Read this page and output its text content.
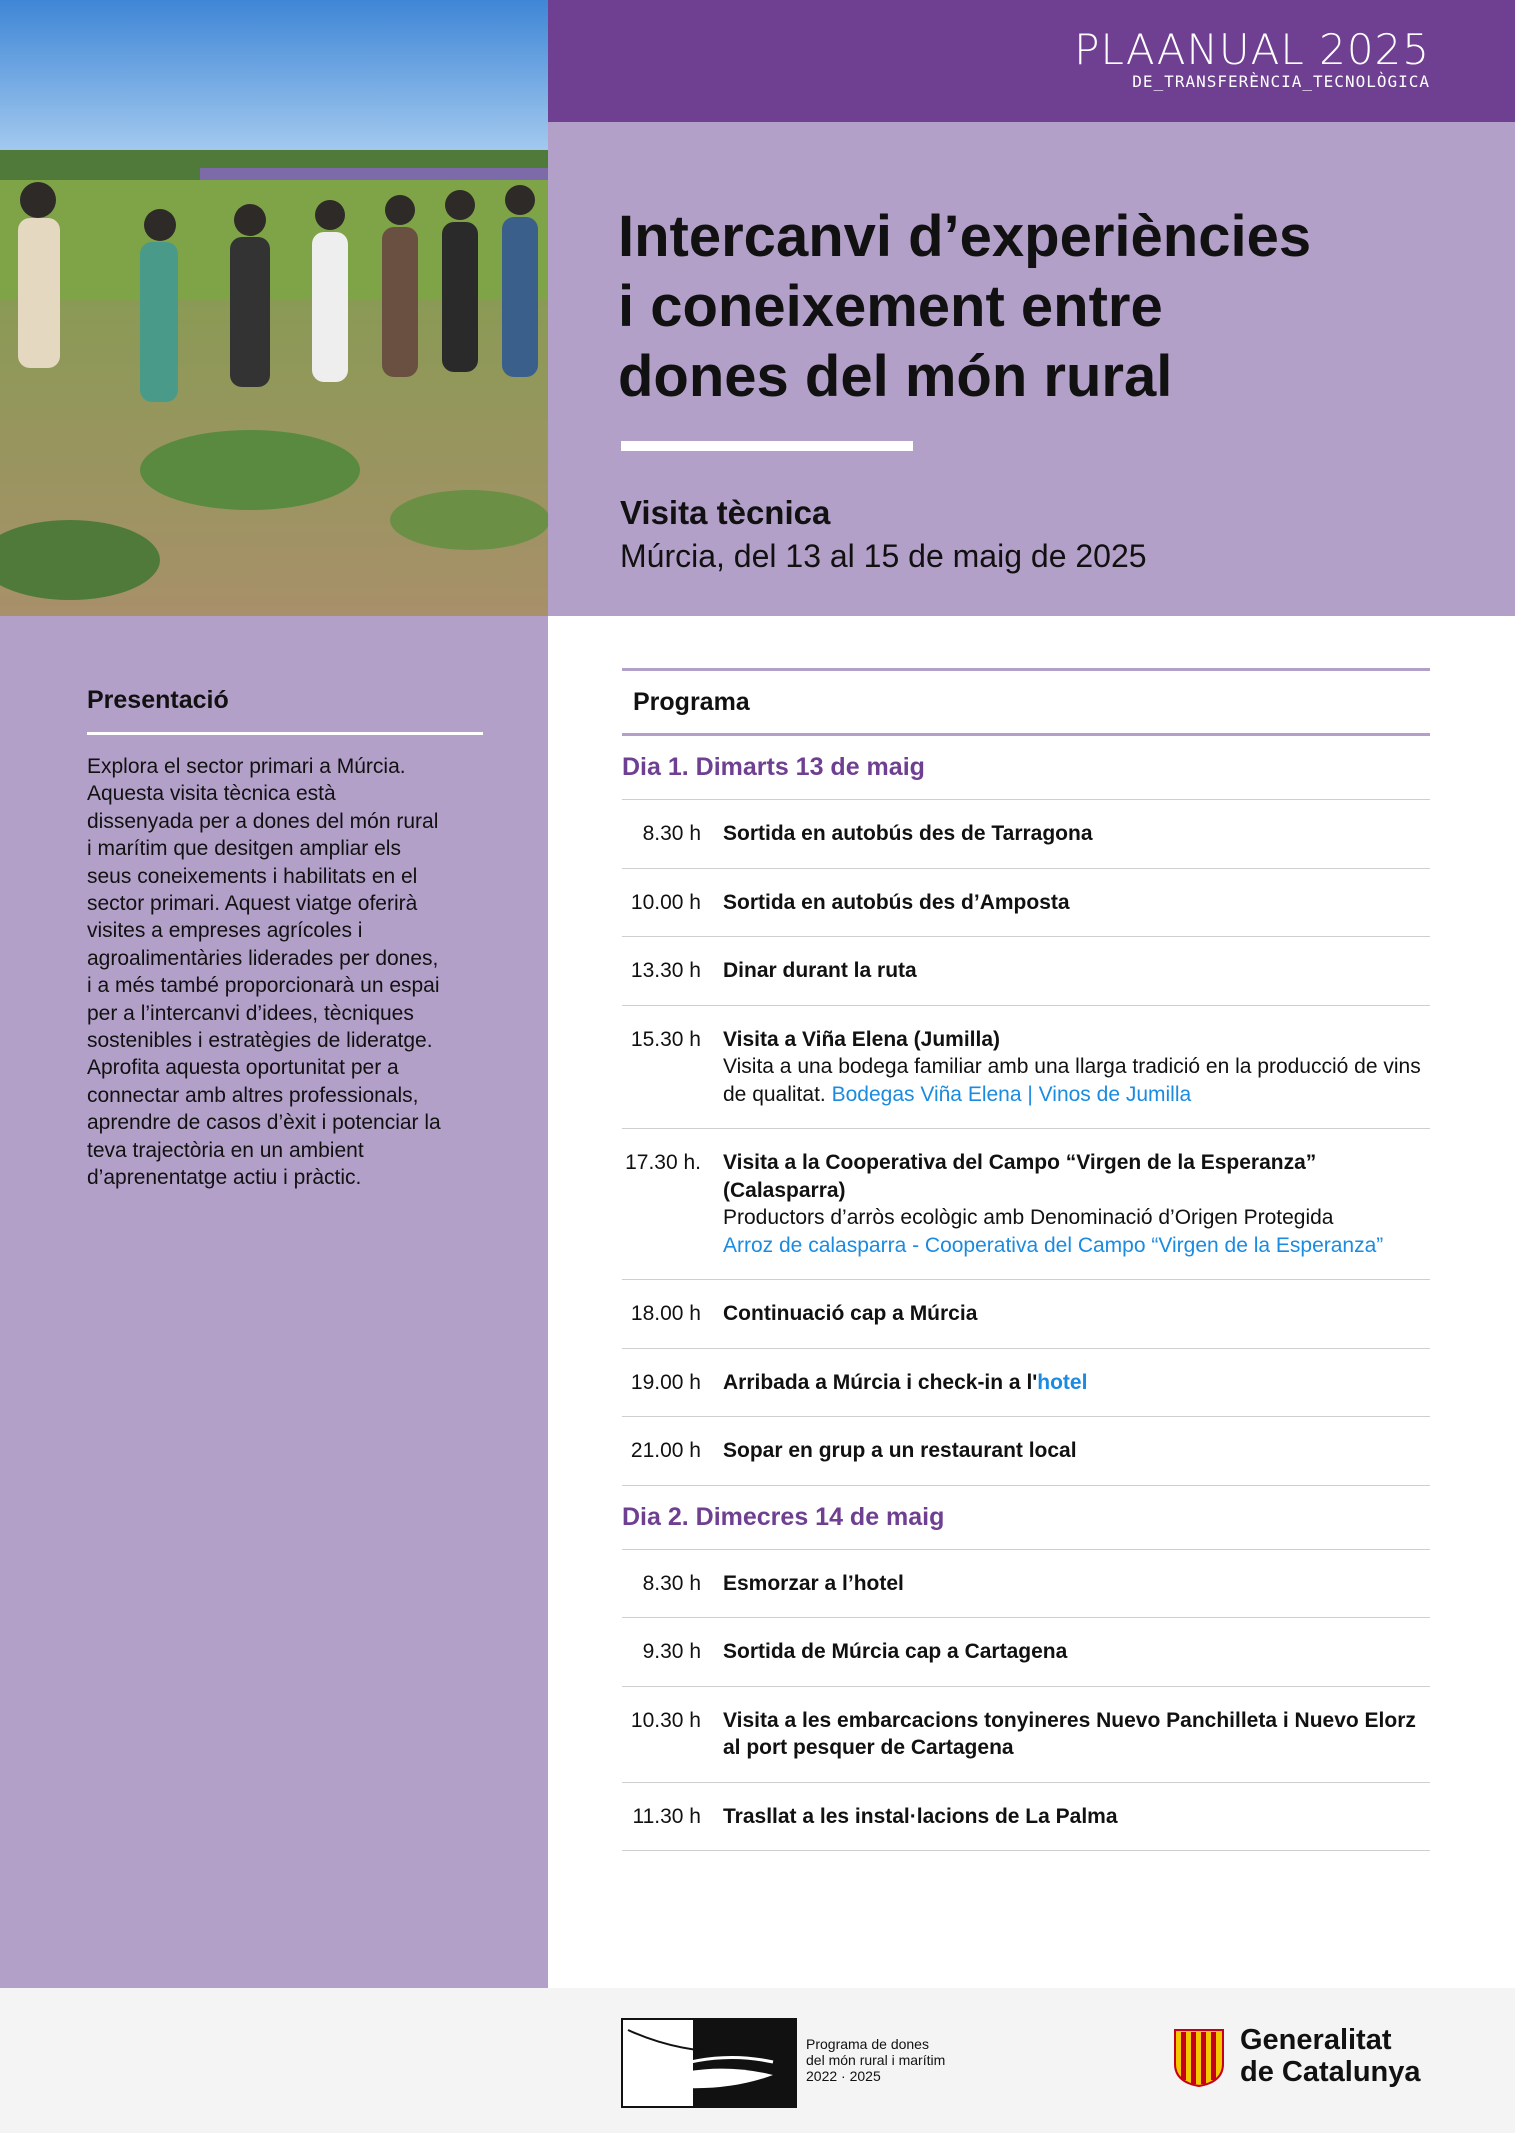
PLAANUAL 2025
DE_TRANSFERÈNCIA_TECNOLÒGICA
Intercanvi d’experiències
i coneixement entre
dones del món rural
Visita tècnica
Múrcia, del 13 al 15 de maig de 2025
Presentació
Explora el sector primari a Múrcia. Aquesta visita tècnica està dissenyada per a dones del món rural i marítim que desitgen ampliar els seus coneixements i habilitats en el sector primari. Aquest viatge oferirà visites a empreses agrícoles i agroalimentàries liderades per dones, i a més també proporcionarà un espai per a l’intercanvi d’idees, tècniques sostenibles i estratègies de lideratge. Aprofita aquesta oportunitat per a connectar amb altres professionals, aprendre de casos d’èxit i potenciar la teva trajectòria en un ambient d’aprenentatge actiu i pràctic.
Programa
Dia 1. Dimarts 13 de maig
8.30 h	Sortida en autobús des de Tarragona
10.00 h	Sortida en autobús des d’Amposta
13.30 h	Dinar durant la ruta
15.30 h	Visita a Viña Elena (Jumilla)
Visita a una bodega familiar amb una llarga tradició en la producció de vins de qualitat. Bodegas Viña Elena | Vinos de Jumilla
17.30 h.	Visita a la Cooperativa del Campo “Virgen de la Esperanza” (Calasparra)
Productors d’arròs ecològic amb Denominació d’Origen Protegida
Arroz de calasparra - Cooperativa del Campo “Virgen de la Esperanza”
18.00 h	Continuació cap a Múrcia
19.00 h	Arribada a Múrcia i check-in a l'hotel
21.00 h	Sopar en grup a un restaurant local
Dia 2. Dimecres 14 de maig
8.30 h	Esmorzar a l’hotel
9.30 h	Sortida de Múrcia cap a Cartagena
10.30 h	Visita a les embarcacions tonyineres Nuevo Panchilleta i Nuevo Elorz al port pesquer de Cartagena
11.30 h	Trasllat a les instal·lacions de La Palma
Programa de dones
del món rural i marítim
2022 · 2025
Generalitat
de Catalunya
